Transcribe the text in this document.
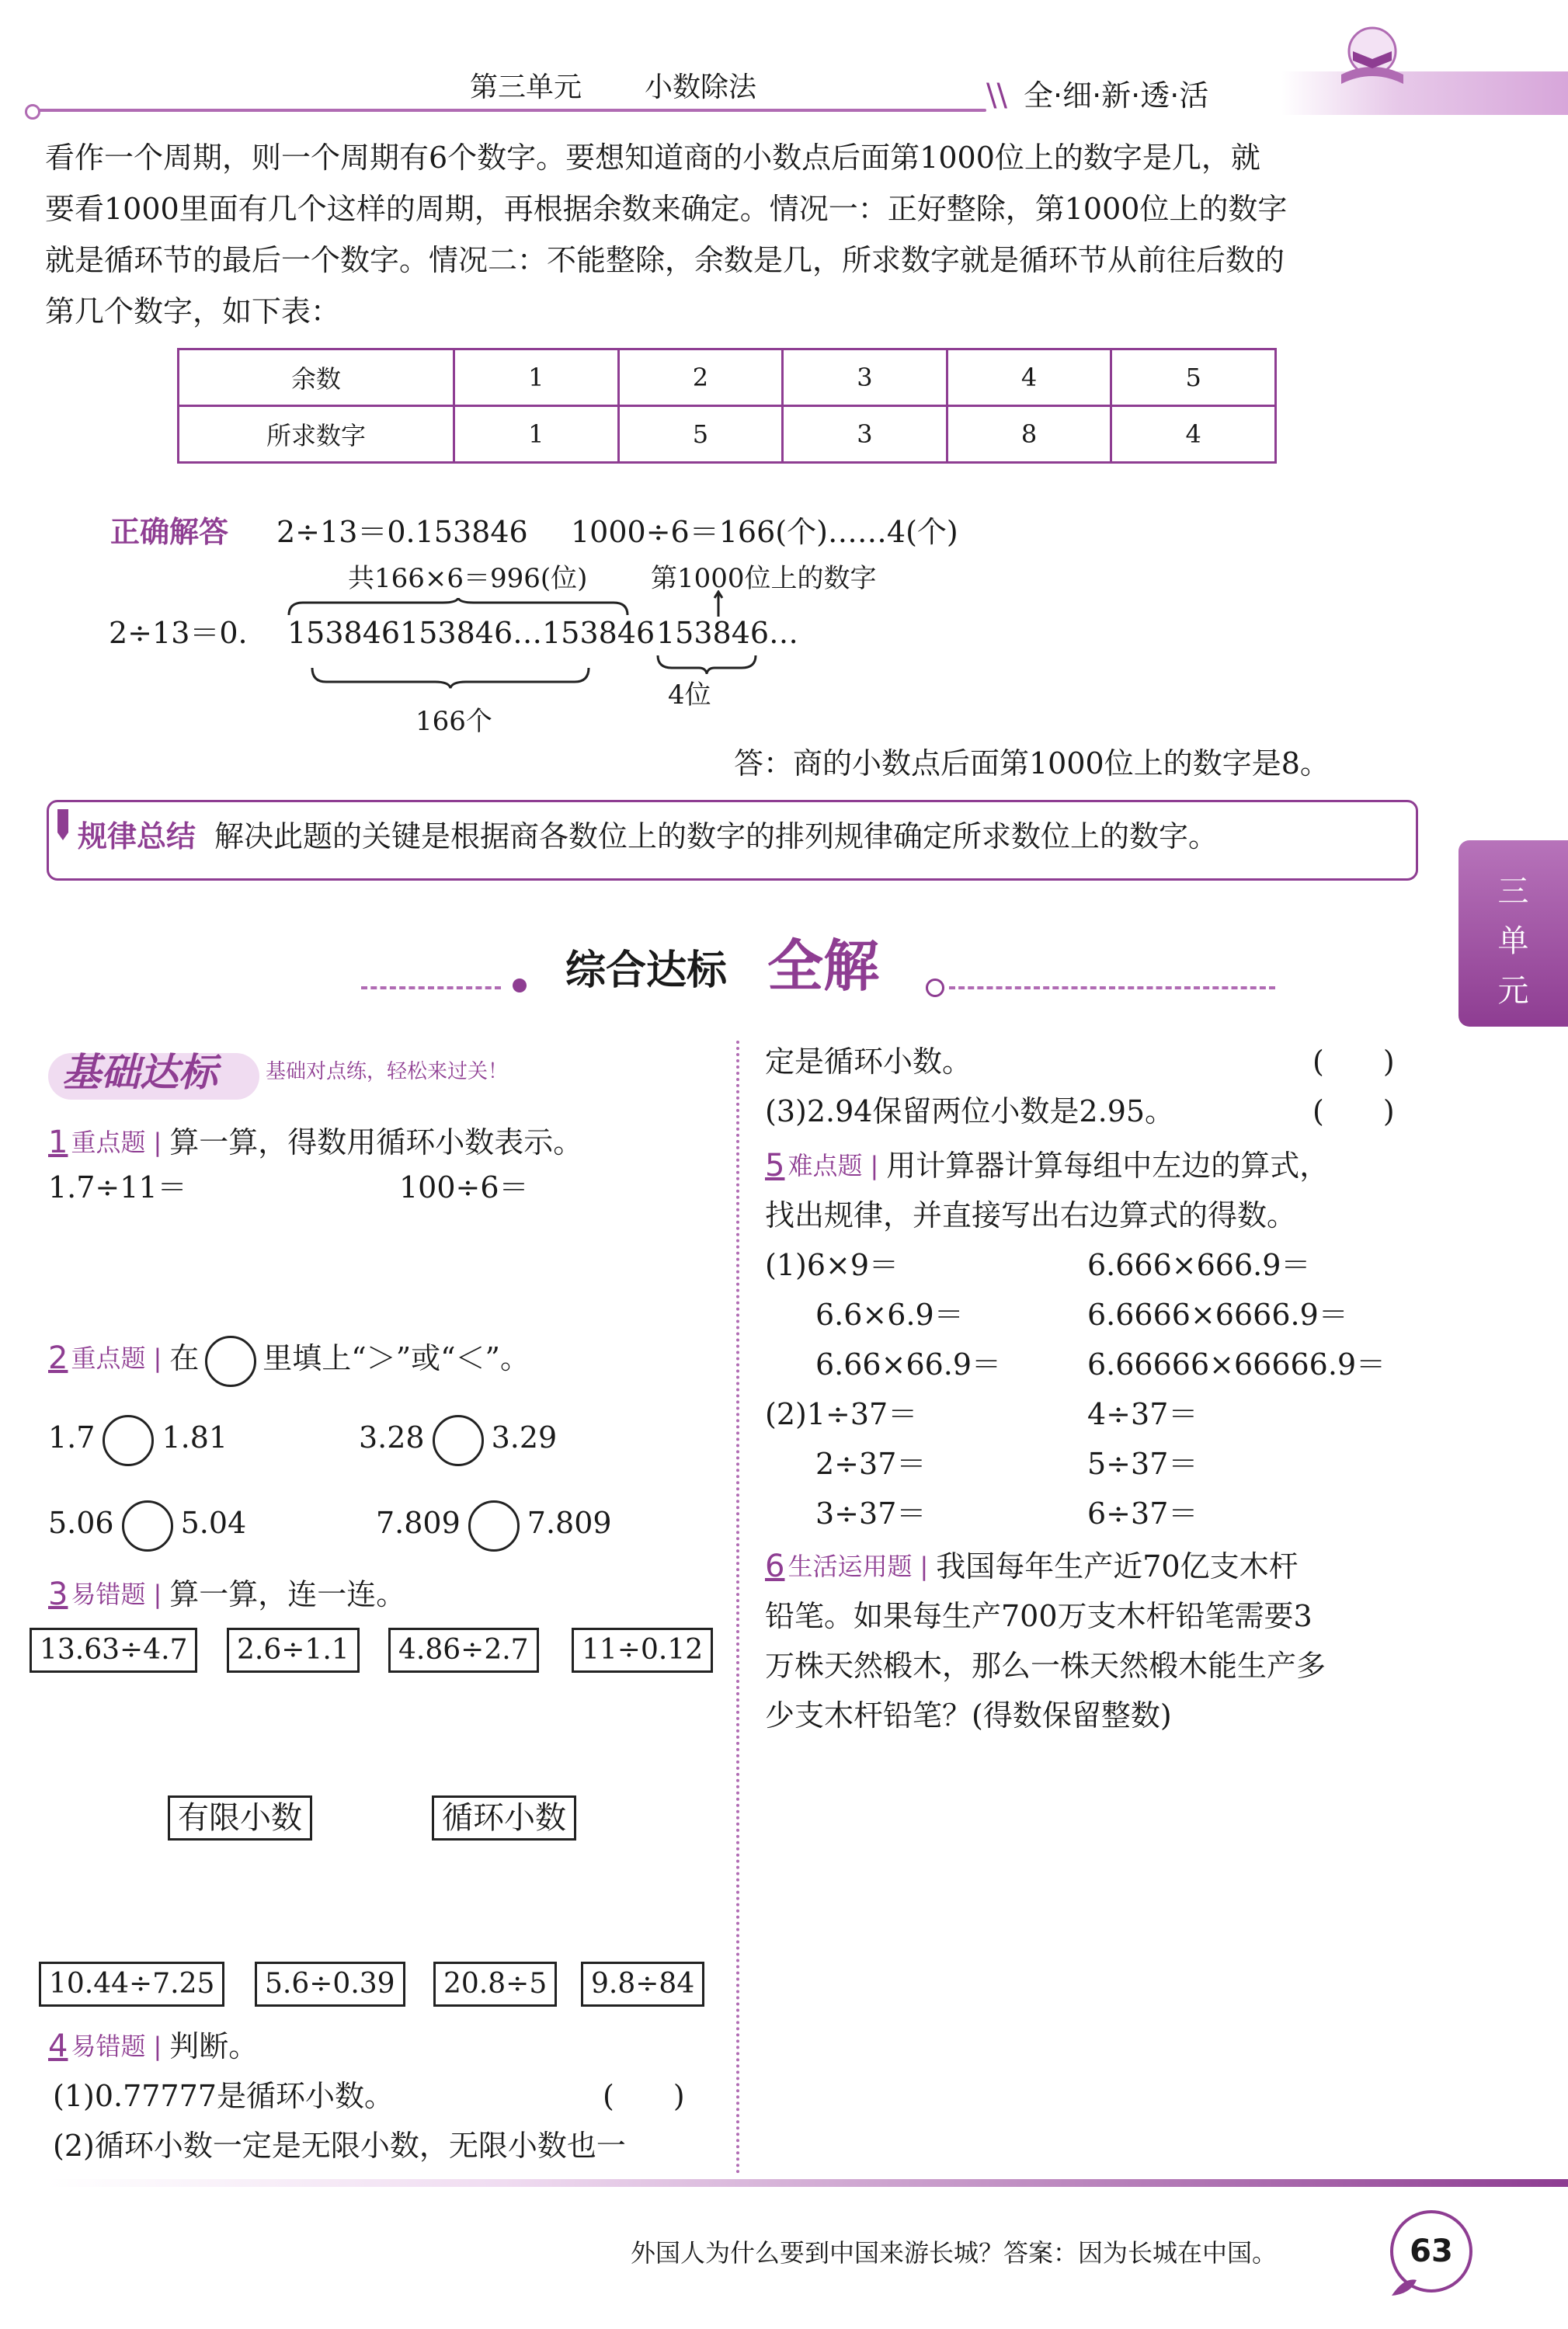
第三单元 小数除法	\\ 全·细·新·透·活
看作一个周期，则一个周期有6个数字。要想知道商的小数点后面第1000位上的数字是几，就
要看1000里面有几个这样的周期，再根据余数来确定。情况一：正好整除，第1000位上的数字
就是循环节的最后一个数字。情况二：不能整除，余数是几，所求数字就是循环节从前往后数的
第几个数字，如下表：
余数	1	2	3	4	5
所求数字	1	5	3	8	4
正确解答 2÷13＝0.153846 1000÷6＝166(个)……4(个)
共166×6＝996(位) 第1000位上的数字
2÷13＝0. 153846153846…153846 153846…
166个
4位
答：商的小数点后面第1000位上的数字是8。
规律总结 解决此题的关键是根据商各数位上的数字的排列规律确定所求数位上的数字。
三
单
元
综合达标 全解
基础达标 基础对点练，轻松来过关！
1 重点题 | 算一算，得数用循环小数表示。
1.7÷11＝	100÷6＝
2 重点题 | 在 里填上“＞”或“＜”。
1.7 1.81	3.28 3.29
5.06 5.04	7.809 7.809
3 易错题 | 算一算，连一连。
13.63÷4.7	2.6÷1.1	4.86÷2.7	11÷0.12
有限小数	循环小数
10.44÷7.25	5.6÷0.39	20.8÷5	9.8÷84
4 易错题 | 判断。
(1)0.77777是循环小数。	(　　)
(2)循环小数一定是无限小数，无限小数也一
定是循环小数。	(　　)
(3)2.94保留两位小数是2.95。	(　　)
5 难点题 | 用计算器计算每组中左边的算式，
找出规律，并直接写出右边算式的得数。
(1)6×9＝	6.666×666.9＝
6.6×6.9＝	6.6666×6666.9＝
6.66×66.9＝	6.66666×66666.9＝
(2)1÷37＝	4÷37＝
2÷37＝	5÷37＝
3÷37＝	6÷37＝
6 生活运用题 | 我国每年生产近70亿支木杆
铅笔。如果每生产700万支木杆铅笔需要3
万株天然椴木，那么一株天然椴木能生产多
少支木杆铅笔？(得数保留整数)
外国人为什么要到中国来游长城？答案：因为长城在中国。	63
